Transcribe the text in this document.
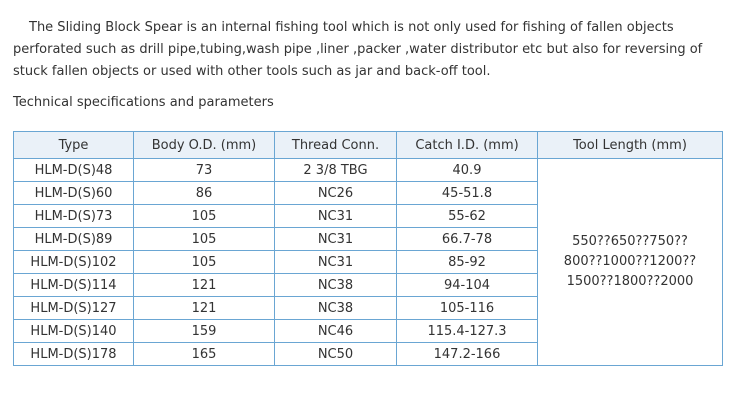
The Sliding Block Spear is an internal fishing tool which is not only used for fishing of fallen objects perforated such as drill pipe,tubing,wash pipe ,liner ,packer ,water distributor etc but also for reversing of stuck fallen objects or used with other tools such as jar and back-off tool.

Technical specifications and parameters

Type	Body O.D. (mm)	Thread Conn.	Catch I.D. (mm)	Tool Length (mm)
HLM-D(S)48	73	2 3/8 TBG	40.9	550??650??750??
800??1000??1200??
1500??1800??2000

HLM-D(S)60	86	NC26	45-51.8	
HLM-D(S)73	105	NC31	55-62	
HLM-D(S)89	105	NC31	66.7-78	
HLM-D(S)102	105	NC31	85-92	
HLM-D(S)114	121	NC38	94-104	
HLM-D(S)127	121	NC38	105-116	
HLM-D(S)140	159	NC46	115.4-127.3	
HLM-D(S)178	165	NC50	147.2-166	
